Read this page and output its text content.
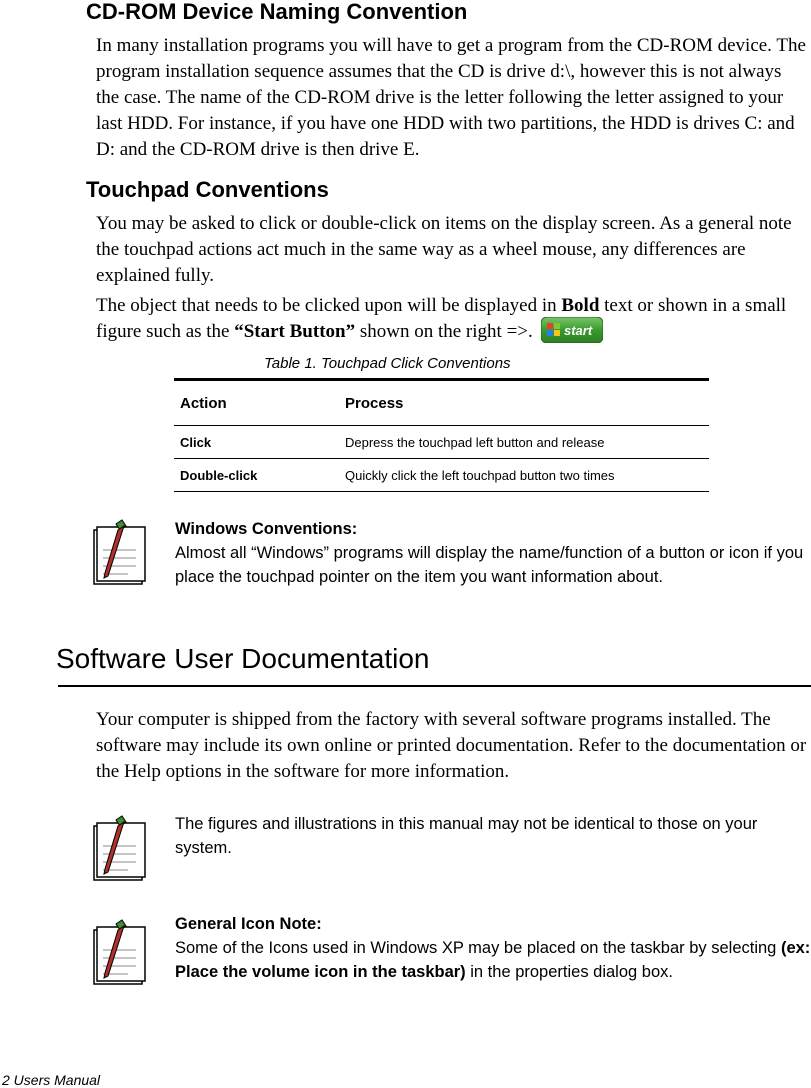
CD-ROM Device Naming Convention

In many installation programs you will have to get a program from the CD-ROM device. The program installation sequence assumes that the CD is drive d:\, however this is not always the case. The name of the CD-ROM drive is the letter following the letter assigned to your last HDD. For instance, if you have one HDD with two partitions, the HDD is drives C: and D: and the CD-ROM drive is then drive E.

Touchpad Conventions

You may be asked to click or double-click on items on the display screen. As a general note the touchpad actions act much in the same way as a wheel mouse, any differences are explained fully.

The object that needs to be clicked upon will be displayed in Bold text or shown in a small figure such as the “Start Button” shown on the right =>. start

Table 1. Touchpad Click Conventions

Action	Process
Click	Depress the touchpad left button and release
Double-click	Quickly click the left touchpad button two times

Windows Conventions:
Almost all “Windows” programs will display the name/function of a button or icon if you place the touchpad pointer on the item you want information about.

Software User Documentation

Your computer is shipped from the factory with several software programs installed. The software may include its own online or printed documentation. Refer to the documentation or the Help options in the software for more information.

The figures and illustrations in this manual may not be identical to those on your system.

General Icon Note:
Some of the Icons used in Windows XP may be placed on the taskbar by selecting (ex: Place the volume icon in the taskbar) in the properties dialog box.

2 Users Manual
